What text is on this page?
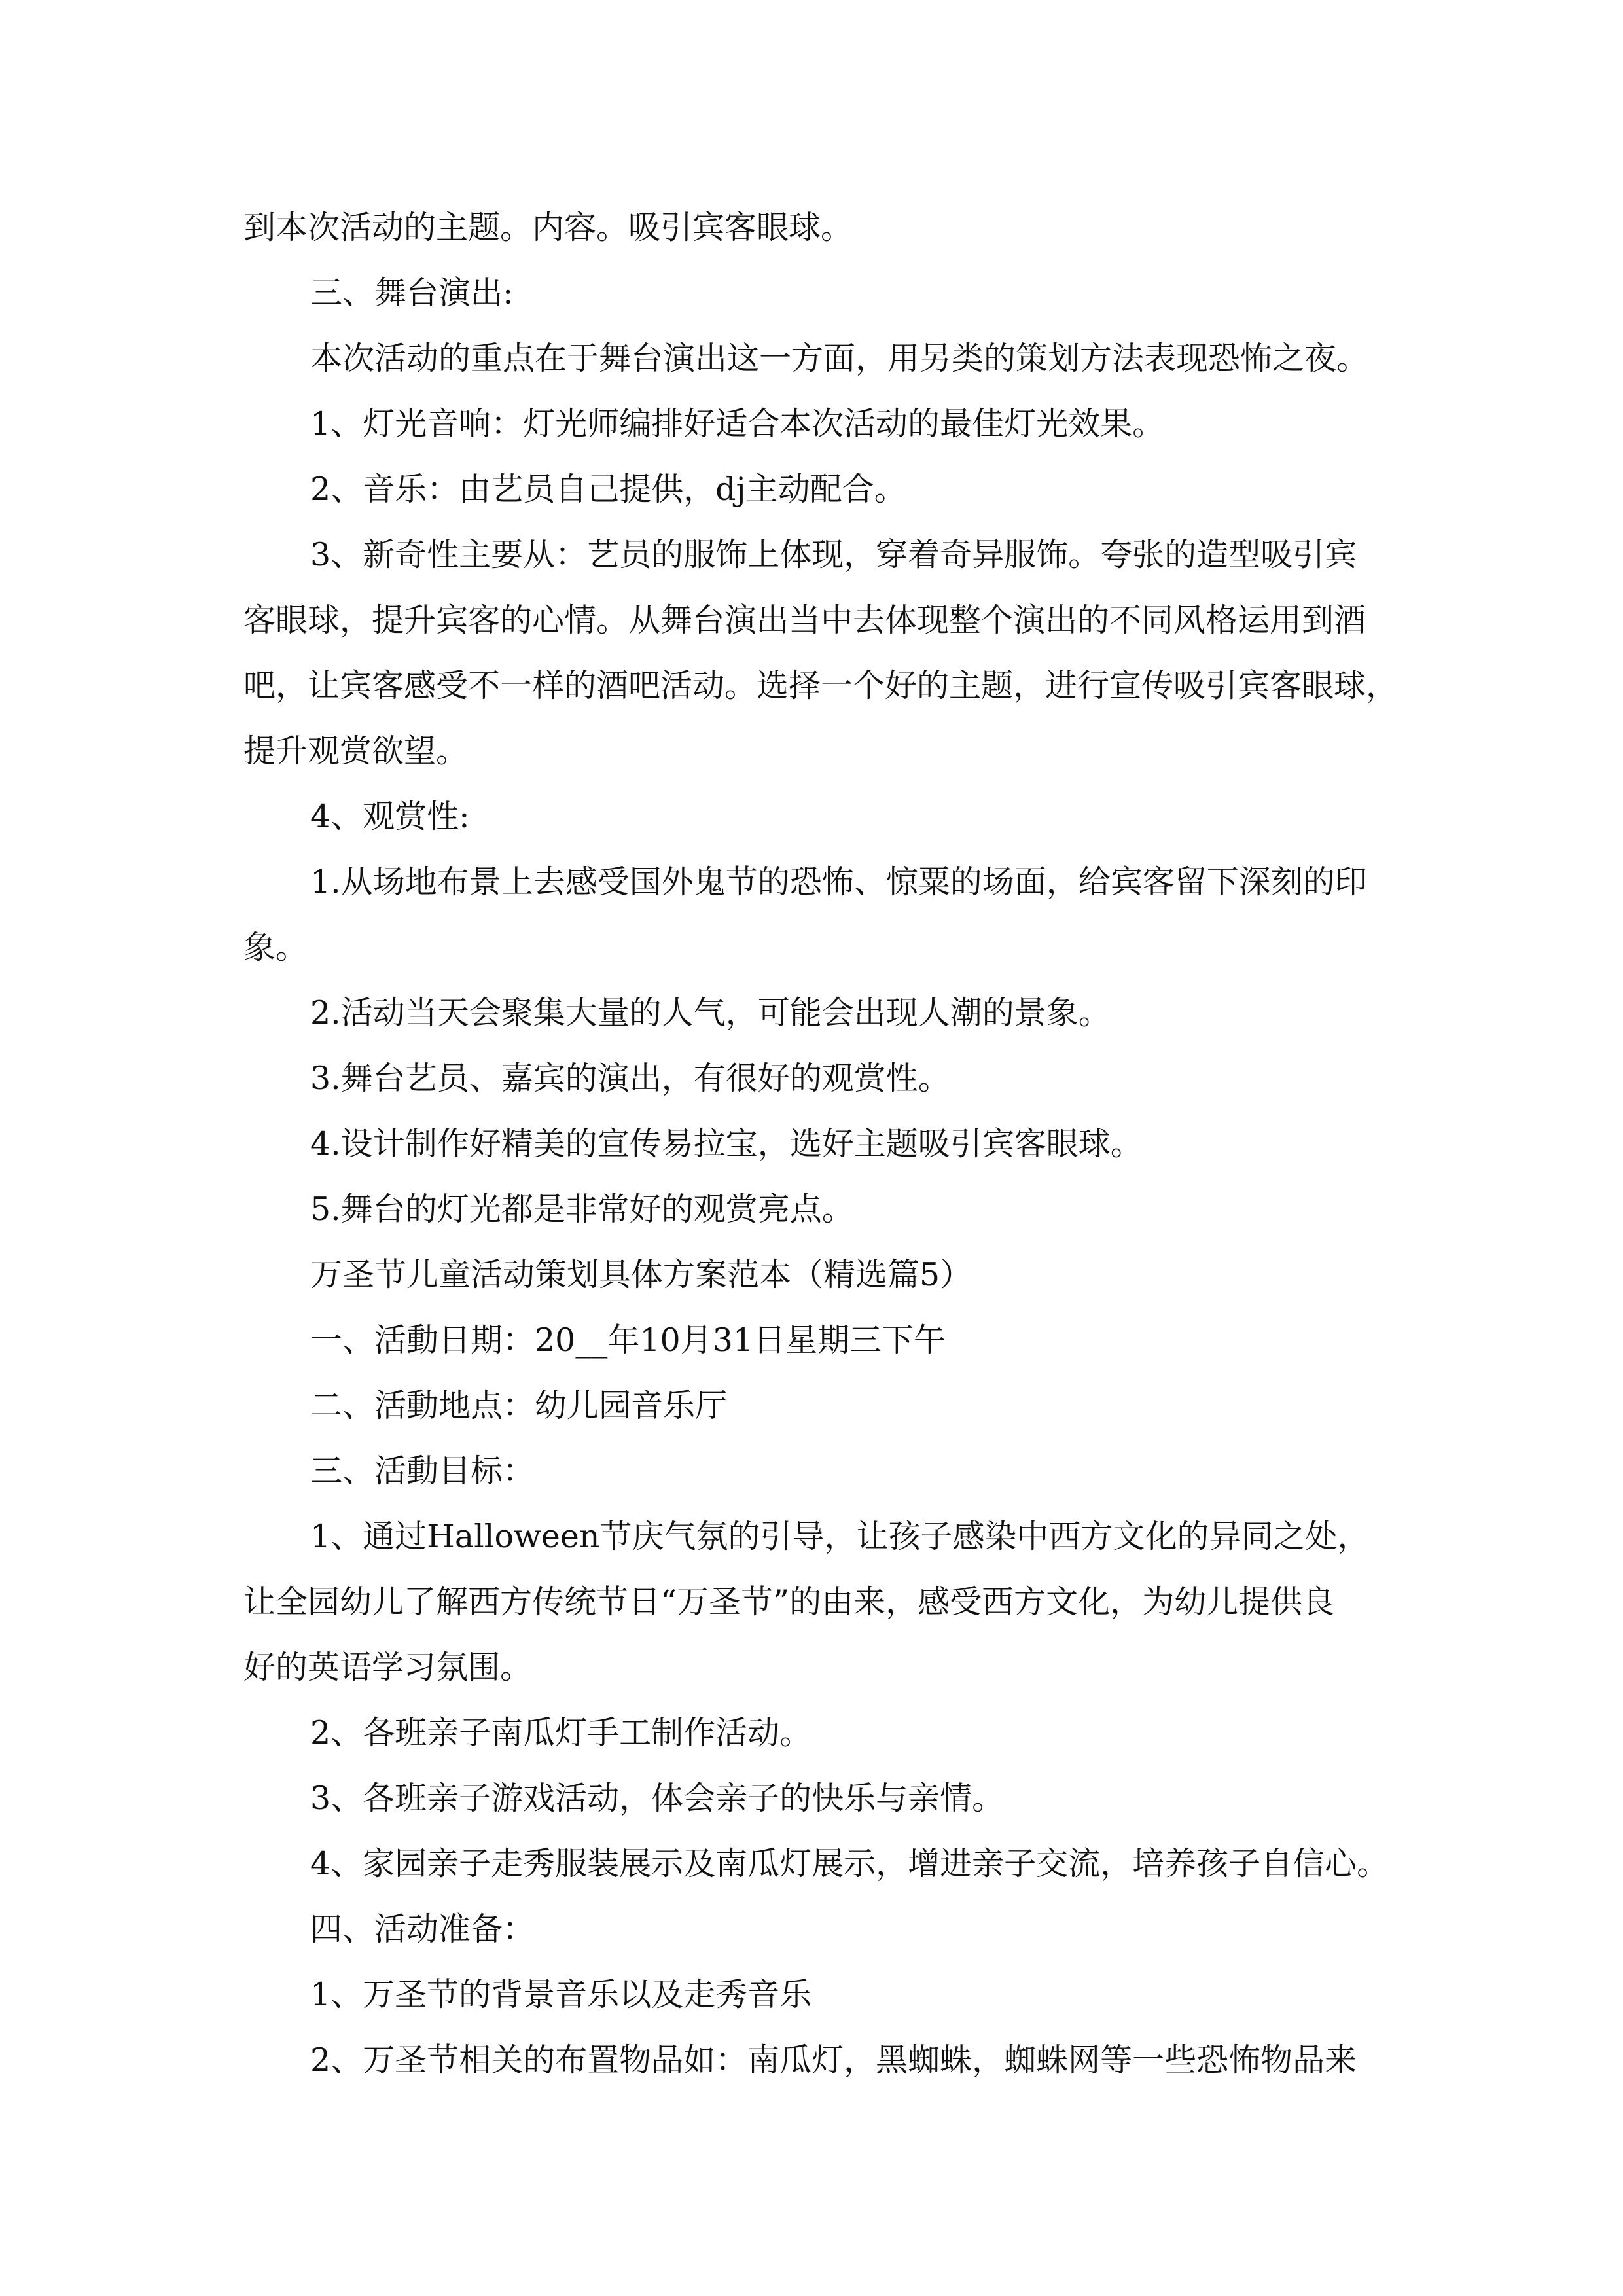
到本次活动的主题。内容。吸引宾客眼球。
三、舞台演出:
本次活动的重点在于舞台演出这一方面，用另类的策划方法表现恐怖之夜。
1、灯光音响：灯光师编排好适合本次活动的最佳灯光效果。
2、音乐：由艺员自己提供，dj主动配合。
3、新奇性主要从：艺员的服饰上体现，穿着奇异服饰。夸张的造型吸引宾
客眼球，提升宾客的心情。从舞台演出当中去体现整个演出的不同风格运用到酒
吧，让宾客感受不一样的酒吧活动。选择一个好的主题，进行宣传吸引宾客眼球，
提升观赏欲望。
4、观赏性:
1.从场地布景上去感受国外鬼节的恐怖、惊粟的场面，给宾客留下深刻的印
象。
2.活动当天会聚集大量的人气，可能会出现人潮的景象。
3.舞台艺员、嘉宾的演出，有很好的观赏性。
4.设计制作好精美的宣传易拉宝，选好主题吸引宾客眼球。
5.舞台的灯光都是非常好的观赏亮点。
万圣节儿童活动策划具体方案范本（精选篇5）
一、活動日期：20__年10月31日星期三下午
二、活動地点：幼儿园音乐厅
三、活動目标：
1、通过Halloween节庆气氛的引导，让孩子感染中西方文化的异同之处，
让全园幼儿了解西方传统节日“万圣节”的由来，感受西方文化，为幼儿提供良
好的英语学习氛围。
2、各班亲子南瓜灯手工制作活动。
3、各班亲子游戏活动，体会亲子的快乐与亲情。
4、家园亲子走秀服装展示及南瓜灯展示，增进亲子交流，培养孩子自信心。
四、活动准备：
1、万圣节的背景音乐以及走秀音乐
2、万圣节相关的布置物品如：南瓜灯，黑蜘蛛，蜘蛛网等一些恐怖物品来
